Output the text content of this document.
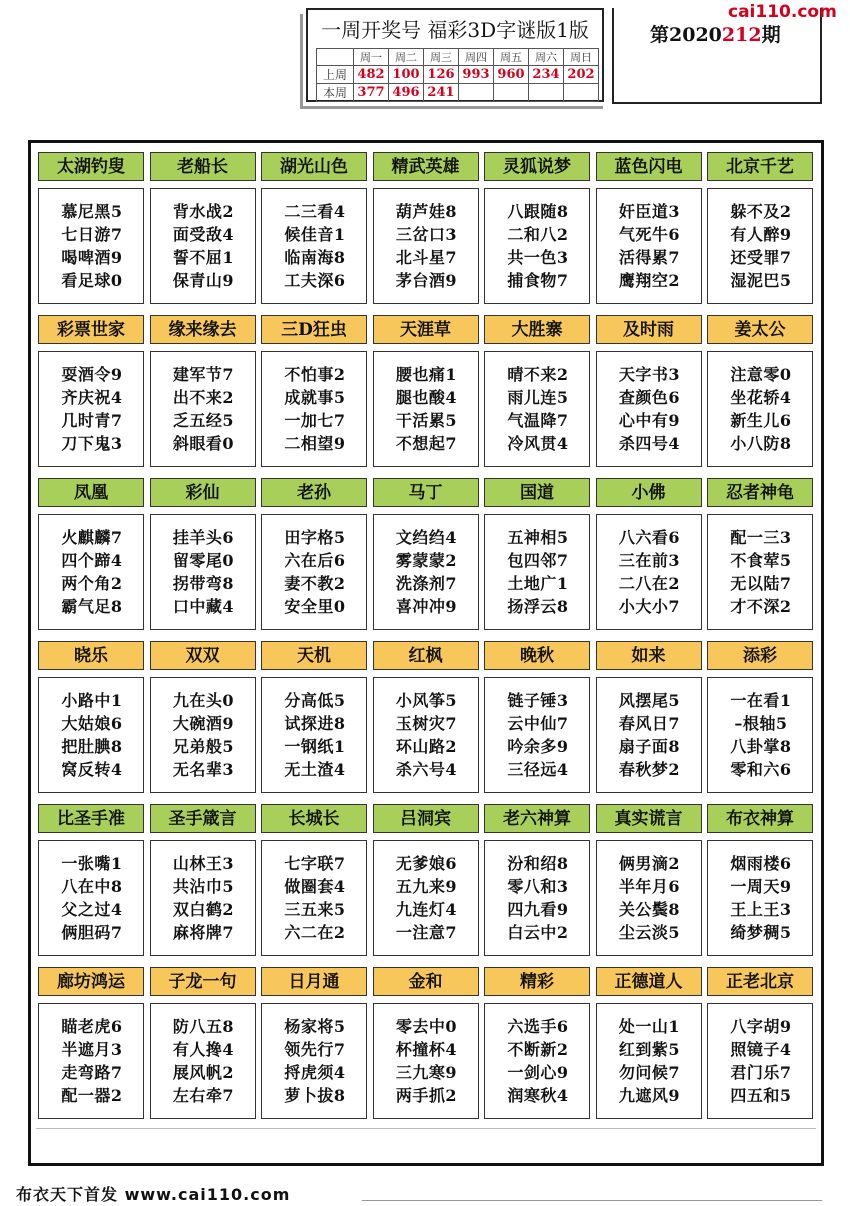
一周开奖号 福彩3D字谜版1版
	周一	周二	周三	周四	周五	周六	周日
上周	482	100	126	993	960	234	202
本周	377	496	241				
第2020212期
cai110.com
太湖钓叟
慕尼黑5
七日游7
喝啤酒9
看足球0
老船长
背水战2
面受敌4
誓不屈1
保青山9
湖光山色
二三看4
候佳音1
临南海8
工夫深6
精武英雄
葫芦娃8
三岔口3
北斗星7
茅台酒9
灵狐说梦
八跟随8
二和八2
共一色3
捕食物7
蓝色闪电
奸臣道3
气死牛6
活得累7
鹰翔空2
北京千艺
躲不及2
有人醉9
还受罪7
湿泥巴5
彩票世家
耍酒令9
齐庆祝4
几时青7
刀下鬼3
缘来缘去
建军节7
出不来2
乏五经5
斜眼看0
三D狂虫
不怕事2
成就事5
一加七7
二相望9
天涯草
腰也痛1
腿也酸4
干活累5
不想起7
大胜寨
晴不来2
雨儿连5
气温降7
冷风贯4
及时雨
天字书3
查颜色6
心中有9
杀四号4
姜太公
注意零0
坐花轿4
新生儿6
小八防8
凤凰
火麒麟7
四个蹄4
两个角2
霸气足8
彩仙
挂羊头6
留零尾0
拐带弯8
口中藏4
老孙
田字格5
六在后6
妻不教2
安全里0
马丁
文绉绉4
雾蒙蒙2
洗涤剂7
喜冲冲9
国道
五神相5
包四邻7
土地广1
扬浮云8
小佛
八六看6
三在前3
二八在2
小大小7
忍者神龟
配一三3
不食荤5
无以陆7
才不深2
晓乐
小路中1
大姑娘6
把肚腆8
窝反转4
双双
九在头0
大碗酒9
兄弟般5
无名辈3
天机
分高低5
试探进8
一钢纸1
无土渣4
红枫
小风筝5
玉树灾7
环山路2
杀六号4
晚秋
链子锤3
云中仙7
吟余多9
三径远4
如来
风摆尾5
春风日7
扇子面8
春秋梦2
添彩
一在看1
–根轴5
八卦掌8
零和六6
比圣手准
一张嘴1
八在中8
父之过4
俩胆码7
圣手箴言
山林王3
共沾巾5
双白鹤2
麻将牌7
长城长
七字联7
做圈套4
三五来5
六二在2
吕洞宾
无爹娘6
五九来9
九连灯4
一注意7
老六神算
汾和绍8
零八和3
四九看9
白云中2
真实谎言
俩男滴2
半年月6
关公鬓8
尘云淡5
布衣神算
烟雨楼6
一周天9
王上王3
绮梦稠5
廊坊鸿运
瞄老虎6
半遮月3
走弯路7
配一器2
子龙一句
防八五8
有人搀4
展风帆2
左右牵7
日月通
杨家将5
领先行7
捋虎须4
萝卜拔8
金和
零去中0
杯撞杯4
三九寒9
两手抓2
精彩
六选手6
不断新2
一剑心9
润寒秋4
正德道人
处一山1
红到紫5
勿问候7
九遮风9
正老北京
八字胡9
照镜子4
君门乐7
四五和5
布衣天下首发 www.cai110.com
